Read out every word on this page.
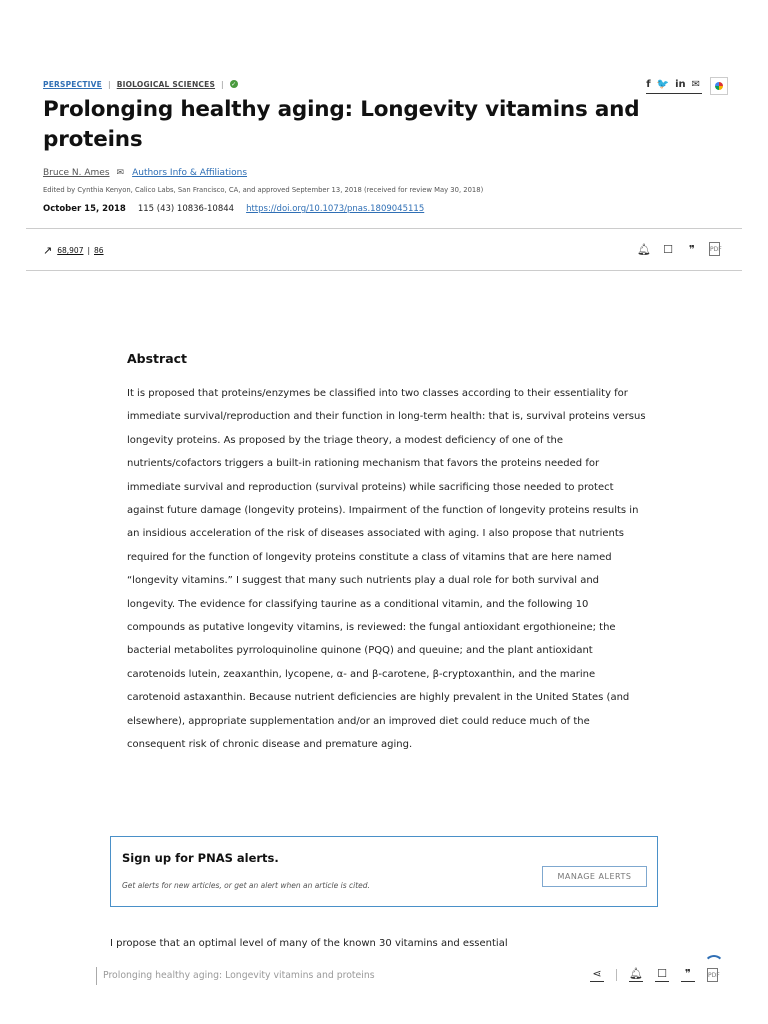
PERSPECTIVE | BIOLOGICAL SCIENCES | ✓	f 🐦 in ✉
Prolonging healthy aging: Longevity vitamins and proteins
Bruce N. Ames ✉ Authors Info & Affiliations
Edited by Cynthia Kenyon, Calico Labs, San Francisco, CA, and approved September 13, 2018 (received for review May 30, 2018)
October 15, 2018 115 (43) 10836-10844 https://doi.org/10.1073/pnas.1809045115
↗ 68,907 | 86	🔔︎ ☐	❞	PDF
Abstract

It is proposed that proteins/enzymes be classified into two classes according to their essentiality for immediate survival/reproduction and their function in long-term health: that is, survival proteins versus longevity proteins. As proposed by the triage theory, a modest deficiency of one of the nutrients/cofactors triggers a built-in rationing mechanism that favors the proteins needed for immediate survival and reproduction (survival proteins) while sacrificing those needed to protect against future damage (longevity proteins). Impairment of the function of longevity proteins results in an insidious acceleration of the risk of diseases associated with aging. I also propose that nutrients required for the function of longevity proteins constitute a class of vitamins that are here named “longevity vitamins.” I suggest that many such nutrients play a dual role for both survival and longevity. The evidence for classifying taurine as a conditional vitamin, and the following 10 compounds as putative longevity vitamins, is reviewed: the fungal antioxidant ergothioneine; the bacterial metabolites pyrroloquinoline quinone (PQQ) and queuine; and the plant antioxidant carotenoids lutein, zeaxanthin, lycopene, α- and β-carotene, β-cryptoxanthin, and the marine carotenoid astaxanthin. Because nutrient deficiencies are highly prevalent in the United States (and elsewhere), appropriate supplementation and/or an improved diet could reduce much of the consequent risk of chronic disease and premature aging.

Sign up for PNAS alerts.
Get alerts for new articles, or get an alert when an article is cited.
MANAGE ALERTS

I propose that an optimal level of many of the known 30 vitamins and essential

Prolonging healthy aging: Longevity vitamins and proteins	⋖ 🔔︎ ☐	❞	PDF
